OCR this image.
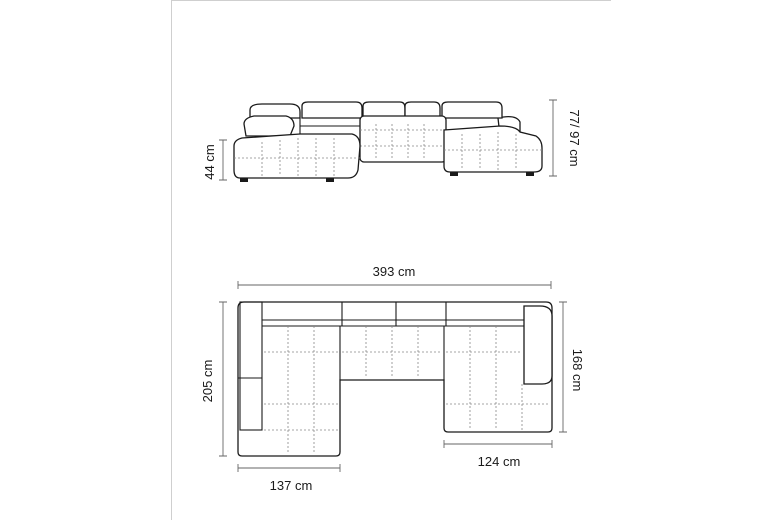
44 cm	77/ 97 cm
393 cm
205 cm	168 cm
124 cm
137 cm
